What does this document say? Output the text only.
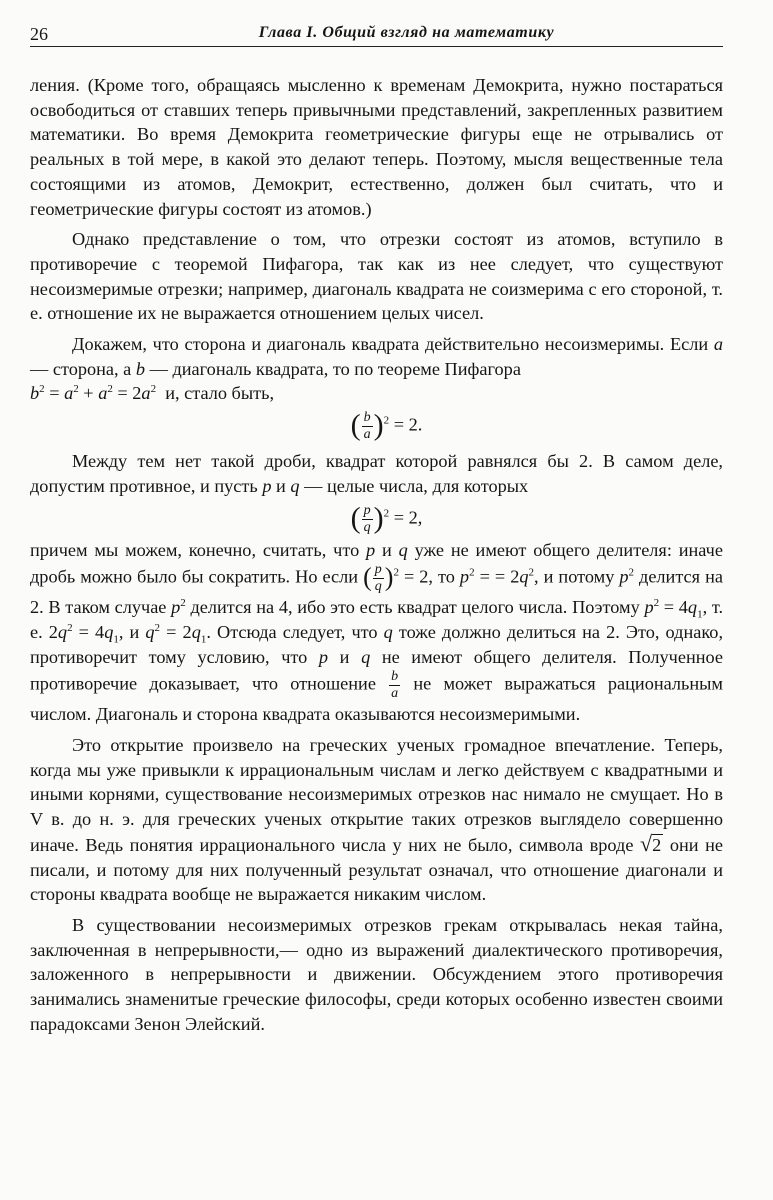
26	Глава I. Общий взгляд на математику

ления. (Кроме того, обращаясь мысленно к временам Демокрита, нужно постараться освободиться от ставших теперь привычными представлений, закрепленных развитием математики. Во время Демокрита геометрические фигуры еще не отрывались от реальных в той мере, в какой это делают теперь. Поэтому, мысля вещественные тела состоящими из атомов, Демокрит, естественно, должен был считать, что и геометрические фигуры состоят из атомов.)

Однако представление о том, что отрезки состоят из атомов, вступило в противоречие с теоремой Пифагора, так как из нее следует, что существуют несоизмеримые отрезки; например, диагональ квадрата не соизмерима с его стороной, т. е. отношение их не выражается отношением целых чисел.

Докажем, что сторона и диагональ квадрата действительно несоизмеримы. Если a — сторона, а b — диагональ квадрата, то по теореме Пифагора
$b^2 = a^2 + a^2 = 2a^2$ и, стало быть,

( $\frac{b}{a} )^2 = 2$.

Между тем нет такой дроби, квадрат которой равнялся бы 2. В самом деле, допустим противное, и пусть p и q — целые числа, для которых

( $\frac{p}{q} )^2 = 2$,

причем мы можем, конечно, считать, что p и q уже не имеют общего делителя: иначе дробь можно было бы сократить. Но если ( $\frac{p}{q} )^2 = 2$, то $p^2$ = = $2q^2$, и потому $p^2$ делится на 2. В таком случае $p^2$ делится на 4, ибо это есть квадрат целого числа. Поэтому $p^2 = 4q_1$, т. е. $2q^2 = 4q_1$, и $q^2 = 2q_1$. Отсюда следует, что q тоже должно делиться на 2. Это, однако, противоречит тому условию, что p и q не имеют общего делителя. Полученное противоречие доказывает, что отношение $\frac{b}{a}$ не может выражаться рациональным числом. Диагональ и сторона квадрата оказываются несоизмеримыми.

Это открытие произвело на греческих ученых громадное впечатление. Теперь, когда мы уже привыкли к иррациональным числам и легко действуем с квадратными и иными корнями, существование несоизмеримых отрезков нас нимало не смущает. Но в V в. до н. э. для греческих ученых открытие таких отрезков выглядело совершенно иначе. Ведь понятия иррационального числа у них не было, символа вроде √2 они не писали, и потому для них полученный результат означал, что отношение диагонали и стороны квадрата вообще не выражается никаким числом.

В существовании несоизмеримых отрезков грекам открывалась некая тайна, заключенная в непрерывности,— одно из выражений диалектического противоречия, заложенного в непрерывности и движении. Обсуждением этого противоречия занимались знаменитые греческие философы, среди которых особенно известен своими парадоксами Зенон Элейский.
